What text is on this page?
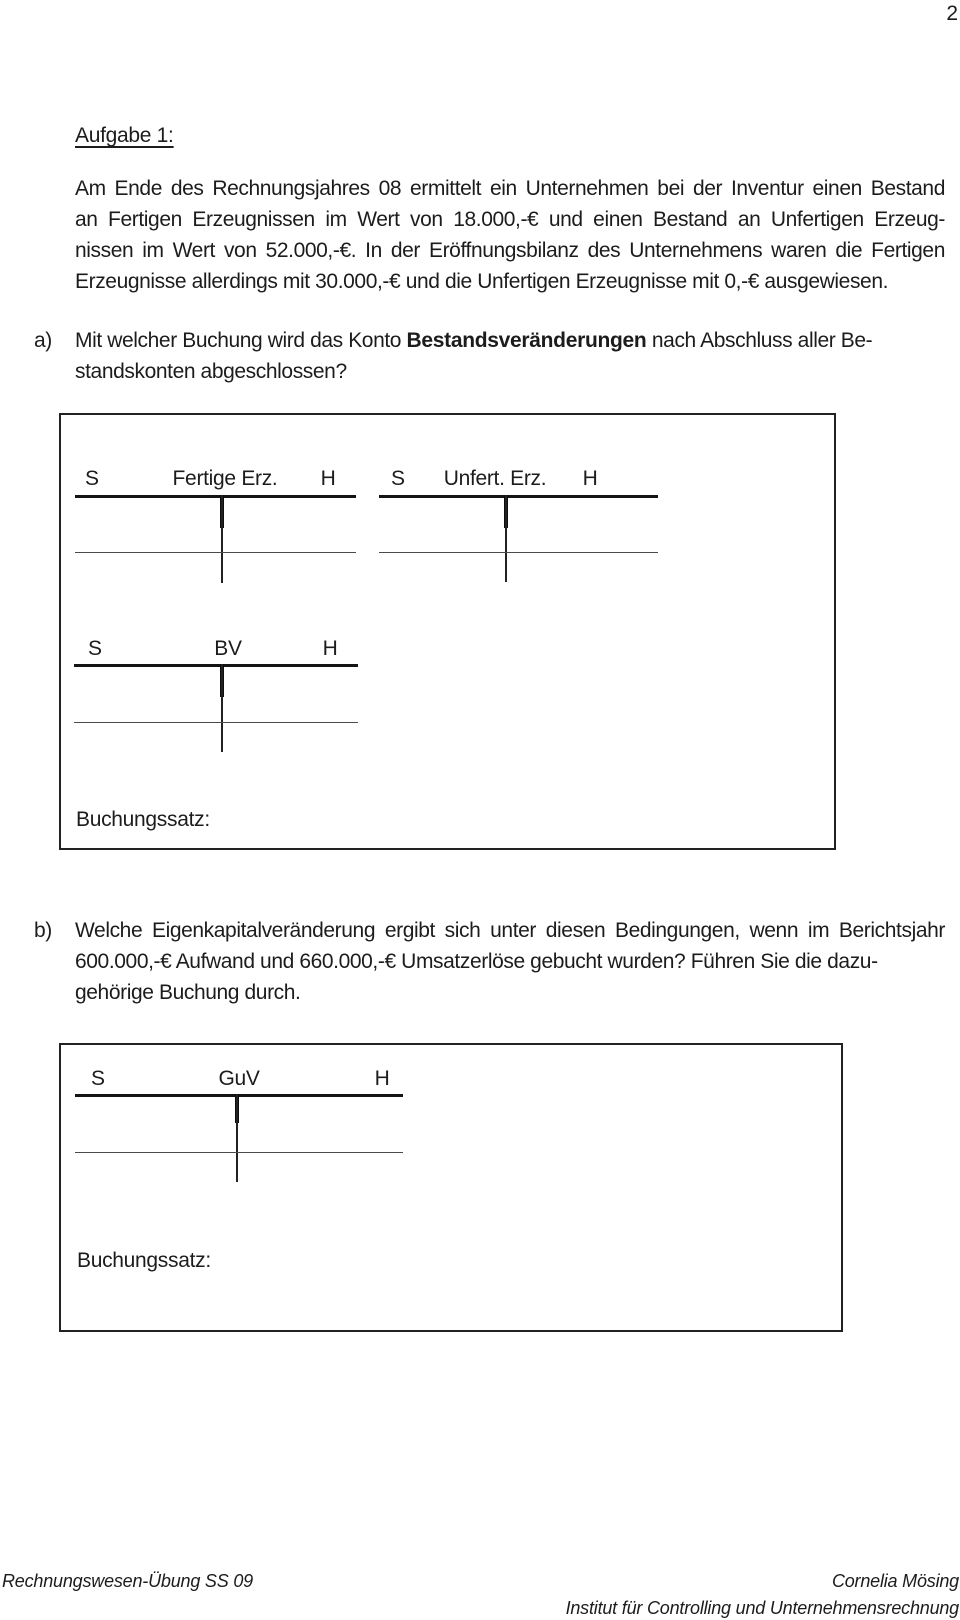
2
Aufgabe 1:
Am Ende des Rechnungsjahres 08 ermittelt ein Unternehmen bei der Inventur einen Bestand
an Fertigen Erzeugnissen im Wert von 18.000,-€ und einen Bestand an Unfertigen Erzeug-
nissen im Wert von 52.000,-€. In der Eröffnungsbilanz des Unternehmens waren die Fertigen
Erzeugnisse allerdings mit 30.000,-€ und die Unfertigen Erzeugnisse mit 0,-€ ausgewiesen.
a) Mit welcher Buchung wird das Konto Bestandsveränderungen nach Abschluss aller Be-
standskonten abgeschlossen?
S	Fertige Erz. H	S Unfert. Erz. H
S	BV	H
Buchungssatz:
b) Welche Eigenkapitalveränderung ergibt sich unter diesen Bedingungen, wenn im Berichtsjahr
600.000,-€ Aufwand und 660.000,-€ Umsatzerlöse gebucht wurden? Führen Sie die dazu-
gehörige Buchung durch.
S	GuV	H
Buchungssatz:
Rechnungswesen-Übung SS 09	Cornelia Mösing
Institut für Controlling und Unternehmensrechnung
